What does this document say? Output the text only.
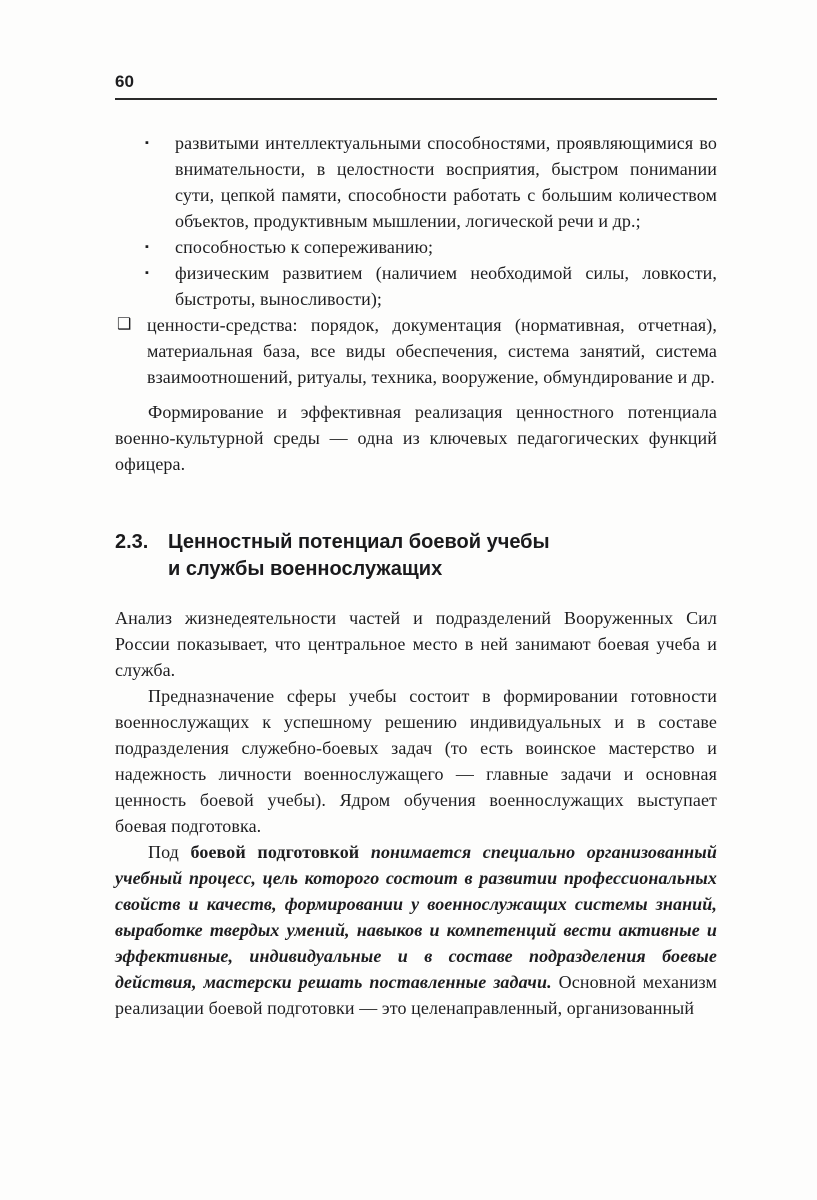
60
▪	развитыми интеллектуальными способностями, проявляющимися во внимательности, в целостности восприятия, быстром понимании сути, цепкой памяти, способности работать с большим количеством объектов, продуктивным мышлении, логической речи и др.;
▪	способностью к сопереживанию;
▪	физическим развитием (наличием необходимой силы, ловкости, быстроты, выносливости);
❑ ценности-средства: порядок, документация (нормативная, отчетная), материальная база, все виды обеспечения, система занятий, система взаимоотношений, ритуалы, техника, вооружение, обмундирование и др.

Формирование и эффективная реализация ценностного потенциала военно-культурной среды — одна из ключевых педагогических функций офицера.

2.3. Ценностный потенциал боевой учебы
и службы военнослужащих

Анализ жизнедеятельности частей и подразделений Вооруженных Сил России показывает, что центральное место в ней занимают боевая учеба и служба.

Предназначение сферы учебы состоит в формировании готовности военнослужащих к успешному решению индивидуальных и в составе подразделения служебно-боевых задач (то есть воинское мастерство и надежность личности военнослужащего — главные задачи и основная ценность боевой учебы). Ядром обучения военнослужащих выступает боевая подготовка.

Под боевой подготовкой понимается специально организованный учебный процесс, цель которого состоит в развитии профессиональных свойств и качеств, формировании у военнослужащих системы знаний, выработке твердых умений, навыков и компетенций вести активные и эффективные, индивидуальные и в составе подразделения боевые действия, мастерски решать поставленные задачи. Основной механизм реализации боевой подготовки — это целенаправленный, организованный
